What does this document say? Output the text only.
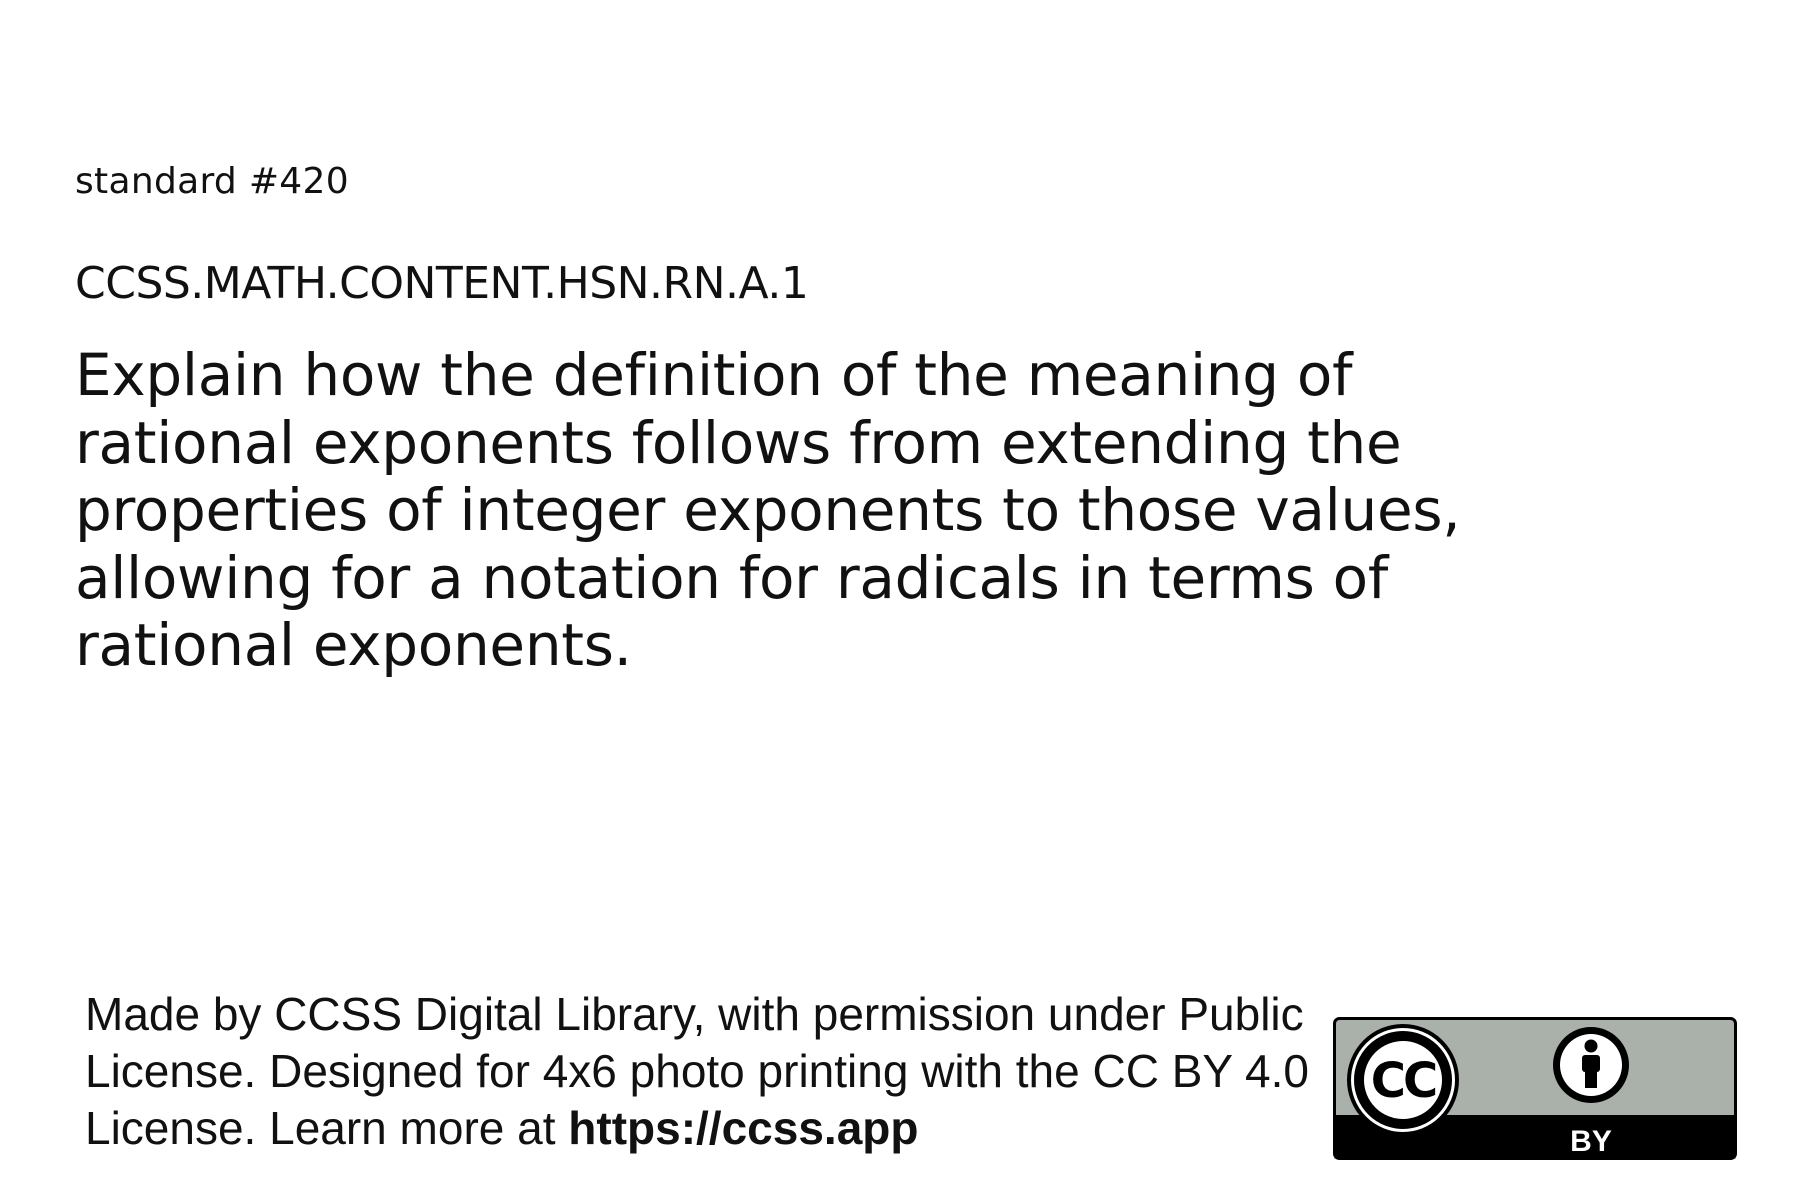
standard #420
CCSS.MATH.CONTENT.HSN.RN.A.1
Explain how the definition of the meaning of rational exponents follows from extending the properties of integer exponents to those values, allowing for a notation for radicals in terms of rational exponents.
Made by CCSS Digital Library, with permission under Public License. Designed for 4x6 photo printing with the CC BY 4.0 License. Learn more at https://ccss.app
CC
BY
